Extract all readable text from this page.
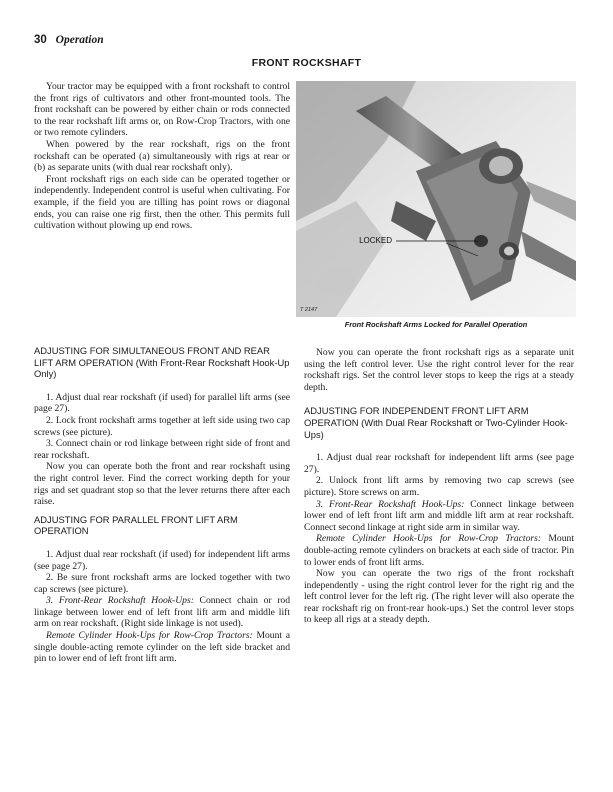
30 Operation
FRONT ROCKSHAFT

Your tractor may be equipped with a front rockshaft to control the front rigs of cultivators and other front-mounted tools. The front rockshaft can be powered by either chain or rods connected to the rear rockshaft lift arms or, on Row-Crop Tractors, with one or two remote cylinders.

When powered by the rear rockshaft, rigs on the front rockshaft can be operated (a) simultaneously with rigs at rear or (b) as separate units (with dual rear rockshaft only).

Front rockshaft rigs on each side can be operated together or independently. Independent control is useful when cultivating. For example, if the field you are tilling has point rows or diagonal ends, you can raise one rig first, then the other. This permits full cultivation without plowing up end rows.

LOCKED
T 2147
Front Rockshaft Arms Locked for Parallel Operation
ADJUSTING FOR SIMULTANEOUS FRONT AND REAR LIFT ARM OPERATION (With Front-Rear Rockshaft Hook-Up Only)

1. Adjust dual rear rockshaft (if used) for parallel lift arms (see page 27).

2. Lock front rockshaft arms together at left side using two cap screws (see picture).

3. Connect chain or rod linkage between right side of front and rear rockshaft.

Now you can operate both the front and rear rockshaft using the right control lever. Find the correct working depth for your rigs and set quadrant stop so that the lever returns there after each raise.

ADJUSTING FOR PARALLEL FRONT LIFT ARM OPERATION

1. Adjust dual rear rockshaft (if used) for independent lift arms (see page 27).

2. Be sure front rockshaft arms are locked together with two cap screws (see picture).

3. Front-Rear Rockshaft Hook-Ups: Connect chain or rod linkage between lower end of left front lift arm and middle lift arm on rear rockshaft. (Right side linkage is not used).

Remote Cylinder Hook-Ups for Row-Crop Tractors: Mount a single double-acting remote cylinder on the left side bracket and pin to lower end of left front lift arm.

Now you can operate the front rockshaft rigs as a separate unit using the left control lever. Use the right control lever for the rear rockshaft rigs. Set the control lever stops to keep the rigs at a steady depth.

ADJUSTING FOR INDEPENDENT FRONT LIFT ARM OPERATION (With Dual Rear Rockshaft or Two-Cylinder Hook-Ups)

1. Adjust dual rear rockshaft for independent lift arms (see page 27).

2. Unlock front lift arms by removing two cap screws (see picture). Store screws on arm.

3. Front-Rear Rockshaft Hook-Ups: Connect linkage between lower end of left front lift arm and middle lift arm at rear rockshaft. Connect second linkage at right side arm in similar way.

Remote Cylinder Hook-Ups for Row-Crop Tractors: Mount double-acting remote cylinders on brackets at each side of tractor. Pin to lower ends of front lift arms.

Now you can operate the two rigs of the front rockshaft independently - using the right control lever for the right rig and the left control lever for the left rig. (The right lever will also operate the rear rockshaft rig on front-rear hook-ups.) Set the control lever stops to keep all rigs at a steady depth.
